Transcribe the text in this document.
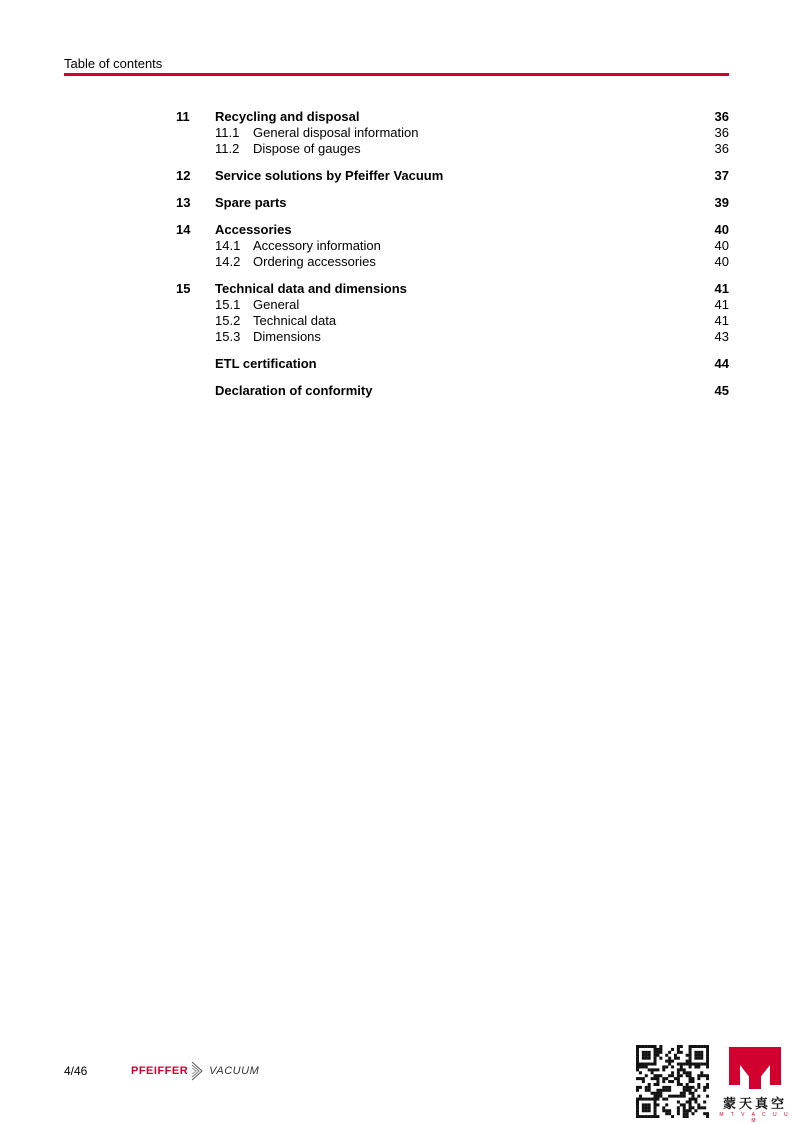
Table of contents
11 Recycling and disposal	36
11.1 General disposal information	36
11.2 Dispose of gauges	36
12 Service solutions by Pfeiffer Vacuum	37
13 Spare parts	39
14 Accessories	40
14.1 Accessory information	40
14.2 Ordering accessories	40
15 Technical data and dimensions	41
15.1 General	41
15.2 Technical data	41
15.3 Dimensions	43
ETL certification	44
Declaration of conformity	45
4/46	PFEIFFER VACUUM
蒙天真空
M T V A C U U M
